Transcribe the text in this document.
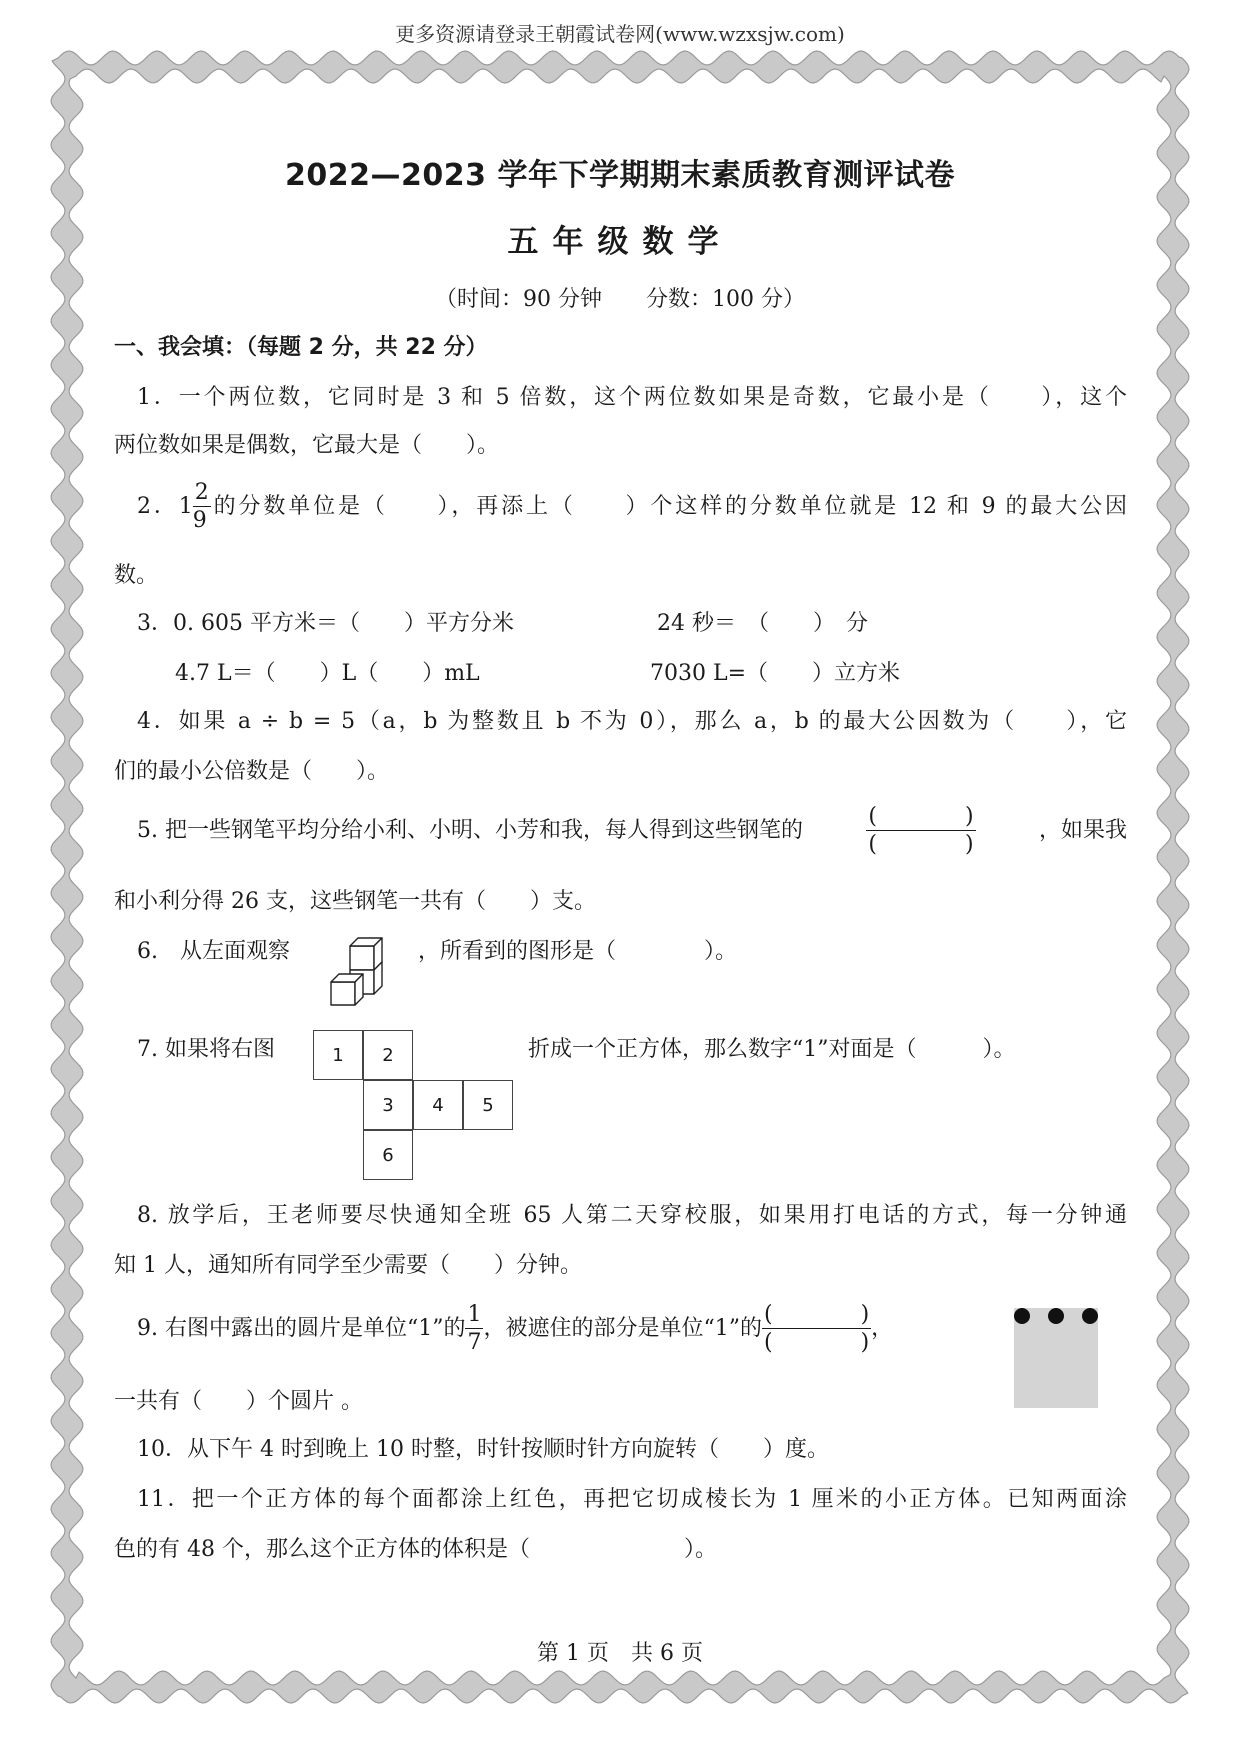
更多资源请登录王朝霞试卷网(www.wzxsjw.com)
2022—2023 学年下学期期末素质教育测评试卷
五年级数学
（时间：90 分钟　　分数：100 分）
一、我会填：（每题 2 分，共 22 分）
1．一个两位数，它同时是 3 和 5 倍数，这个两位数如果是奇数，它最小是（　　），这个
两位数如果是偶数，它最大是（　　）。
2．$1 \frac{2}{9}$ 的分数单位是（　　），再添上（　　）个这样的分数单位就是 12 和 9 的最大公因
数。
3．0. 605 平方米＝（　　）平方分米	24 秒＝　（　　）　分
4.7 L＝（　　）L（　　）mL	7030 L=（　　）立方米
4．如果 a ÷ b = 5（a，b 为整数且 b 不为 0），那么 a，b 的最大公因数为（　　），它
们的最小公倍数是（　　）。
5. 把一些钢笔平均分给小利、小明、小芳和我，每人得到这些钢笔的	$\frac{( )}{( )}$	，如果我
和小利分得 26 支，这些钢笔一共有（　　）支。
6.　从左面观察	，所看到的图形是（　　　　）。
7. 如果将右图	1	2
3	4	5
6
折成一个正方体，那么数字“1”对面是（　　　）。
8. 放学后，王老师要尽快通知全班 65 人第二天穿校服，如果用打电话的方式，每一分钟通
知 1 人，通知所有同学至少需要（　　）分钟。
9. 右图中露出的圆片是单位“1”的 $\frac{1}{7}$ ，被遮住的部分是单位“1”的 $\frac{( )}{( )}$ ，
一共有（　　）个圆片 。
10．从下午 4 时到晚上 10 时整，时针按顺时针方向旋转（　　）度。
11．把一个正方体的每个面都涂上红色，再把它切成棱长为 1 厘米的小正方体。已知两面涂
色的有 48 个，那么这个正方体的体积是（　　　　　　　）。
第 1 页　共 6 页
